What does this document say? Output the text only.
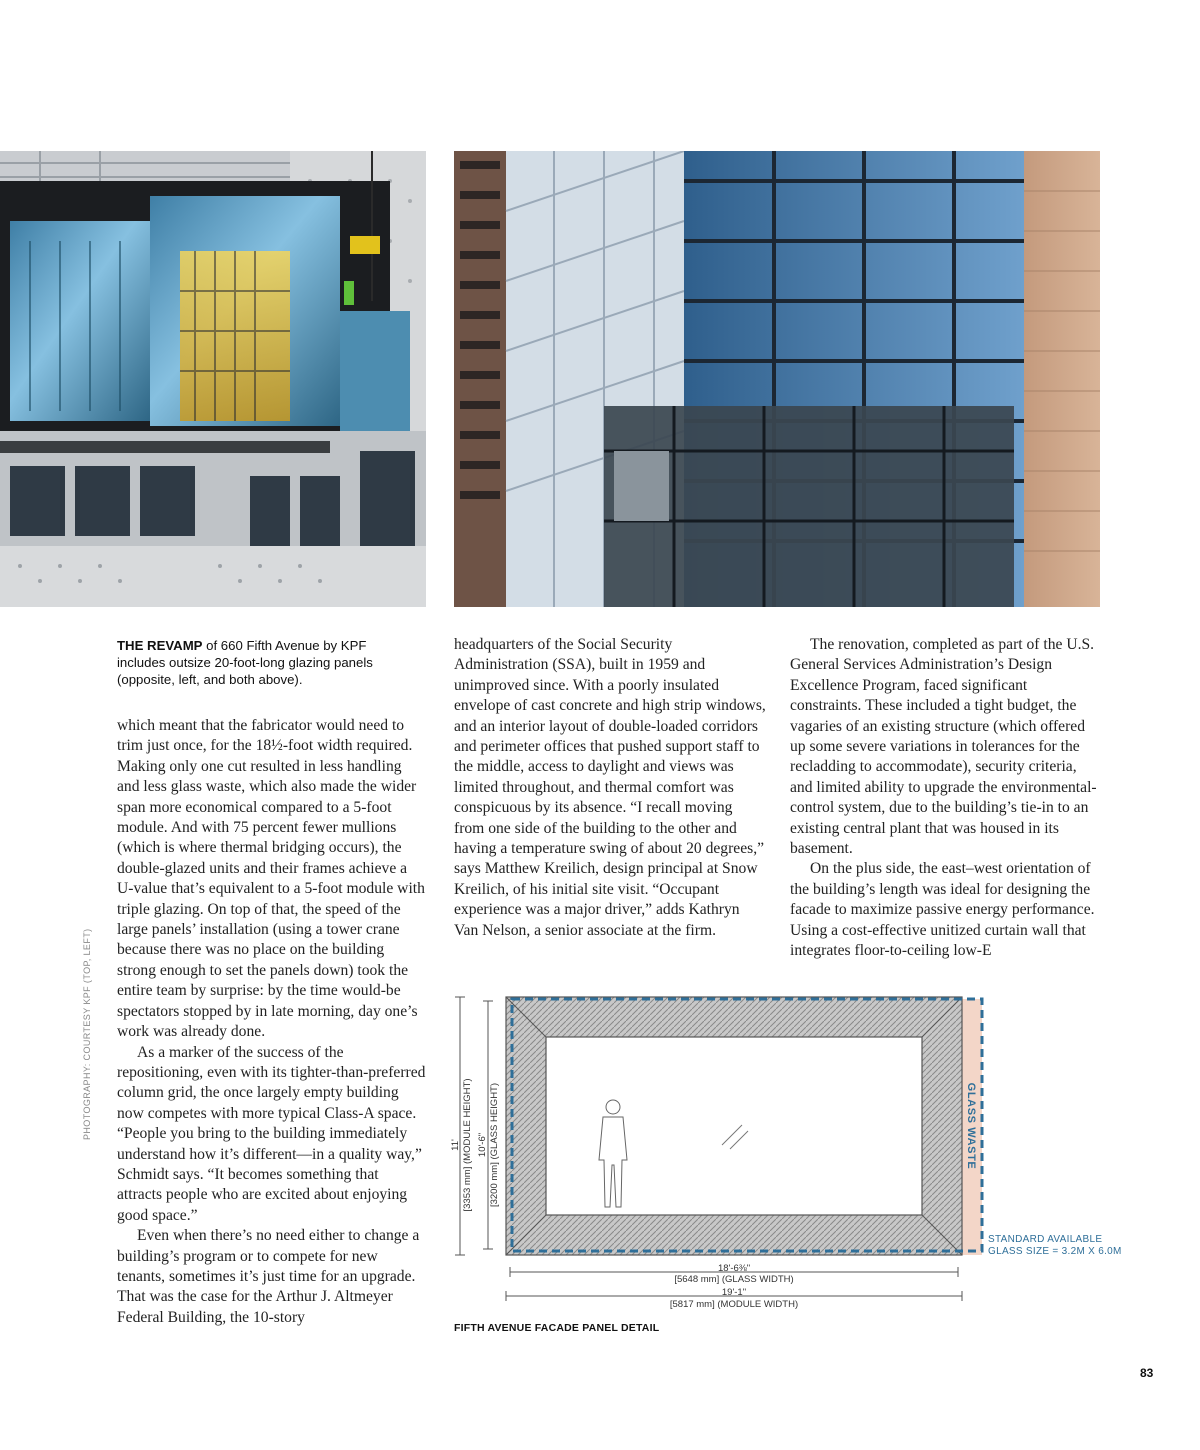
THE REVAMP of 660 Fifth Avenue by KPF includes outsize 20-foot-long glazing panels (opposite, left, and both above).

which meant that the fabricator would need to trim just once, for the 18½-foot width required. Making only one cut resulted in less handling and less glass waste, which also made the wider span more economical compared to a 5-foot module. And with 75 percent fewer mullions (which is where thermal bridging occurs), the double-glazed units and their frames achieve a U-value that’s equivalent to a 5-foot module with triple glazing. On top of that, the speed of the large panels’ installation (using a tower crane because there was no place on the building strong enough to set the panels down) took the entire team by surprise: by the time would-be spectators stopped by in late morning, day one’s work was already done.

As a marker of the success of the repositioning, even with its tighter-than-preferred column grid, the once largely empty building now competes with more typical Class-A space. “People you bring to the building immediately understand how it’s different—in a quality way,” Schmidt says. “It becomes something that attracts people who are excited about enjoying good space.”

Even when there’s no need either to change a building’s program or to compete for new tenants, sometimes it’s just time for an upgrade. That was the case for the Arthur J. Altmeyer Federal Building, the 10-story

headquarters of the Social Security Administration (SSA), built in 1959 and unimproved since. With a poorly insulated envelope of cast concrete and high strip windows, and an interior layout of double-loaded corridors and perimeter offices that pushed support staff to the middle, access to daylight and views was limited throughout, and thermal comfort was conspicuous by its absence. “I recall moving from one side of the building to the other and having a temperature swing of about 20 degrees,” says Matthew Kreilich, design principal at Snow Kreilich, of his initial site visit. “Occupant experience was a major driver,” adds Kathryn Van Nelson, a senior associate at the firm.

The renovation, completed as part of the U.S. General Services Administration’s Design Excellence Program, faced significant constraints. These included a tight budget, the vagaries of an existing structure (which offered up some severe variations in tolerances for the recladding to accommodate), security criteria, and limited ability to upgrade the environmental-control system, due to the building’s tie-in to an existing central plant that was housed in its basement.

On the plus side, the east–west orientation of the building’s length was ideal for designing the facade to maximize passive energy performance. Using a cost-effective unitized curtain wall that integrates floor-to-ceiling low-E

PHOTOGRAPHY: COURTESY KPF (TOP, LEFT)
11' [3353 mm] (MODULE HEIGHT) 10'-6" [3200 mm] (GLASS HEIGHT)	GLASS WASTE
18'-6⅜"
[5648 mm] (GLASS WIDTH)
19'-1"
[5817 mm] (MODULE WIDTH)
STANDARD AVAILABLE
GLASS SIZE = 3.2M X 6.0M
FIFTH AVENUE FACADE PANEL DETAIL
83
